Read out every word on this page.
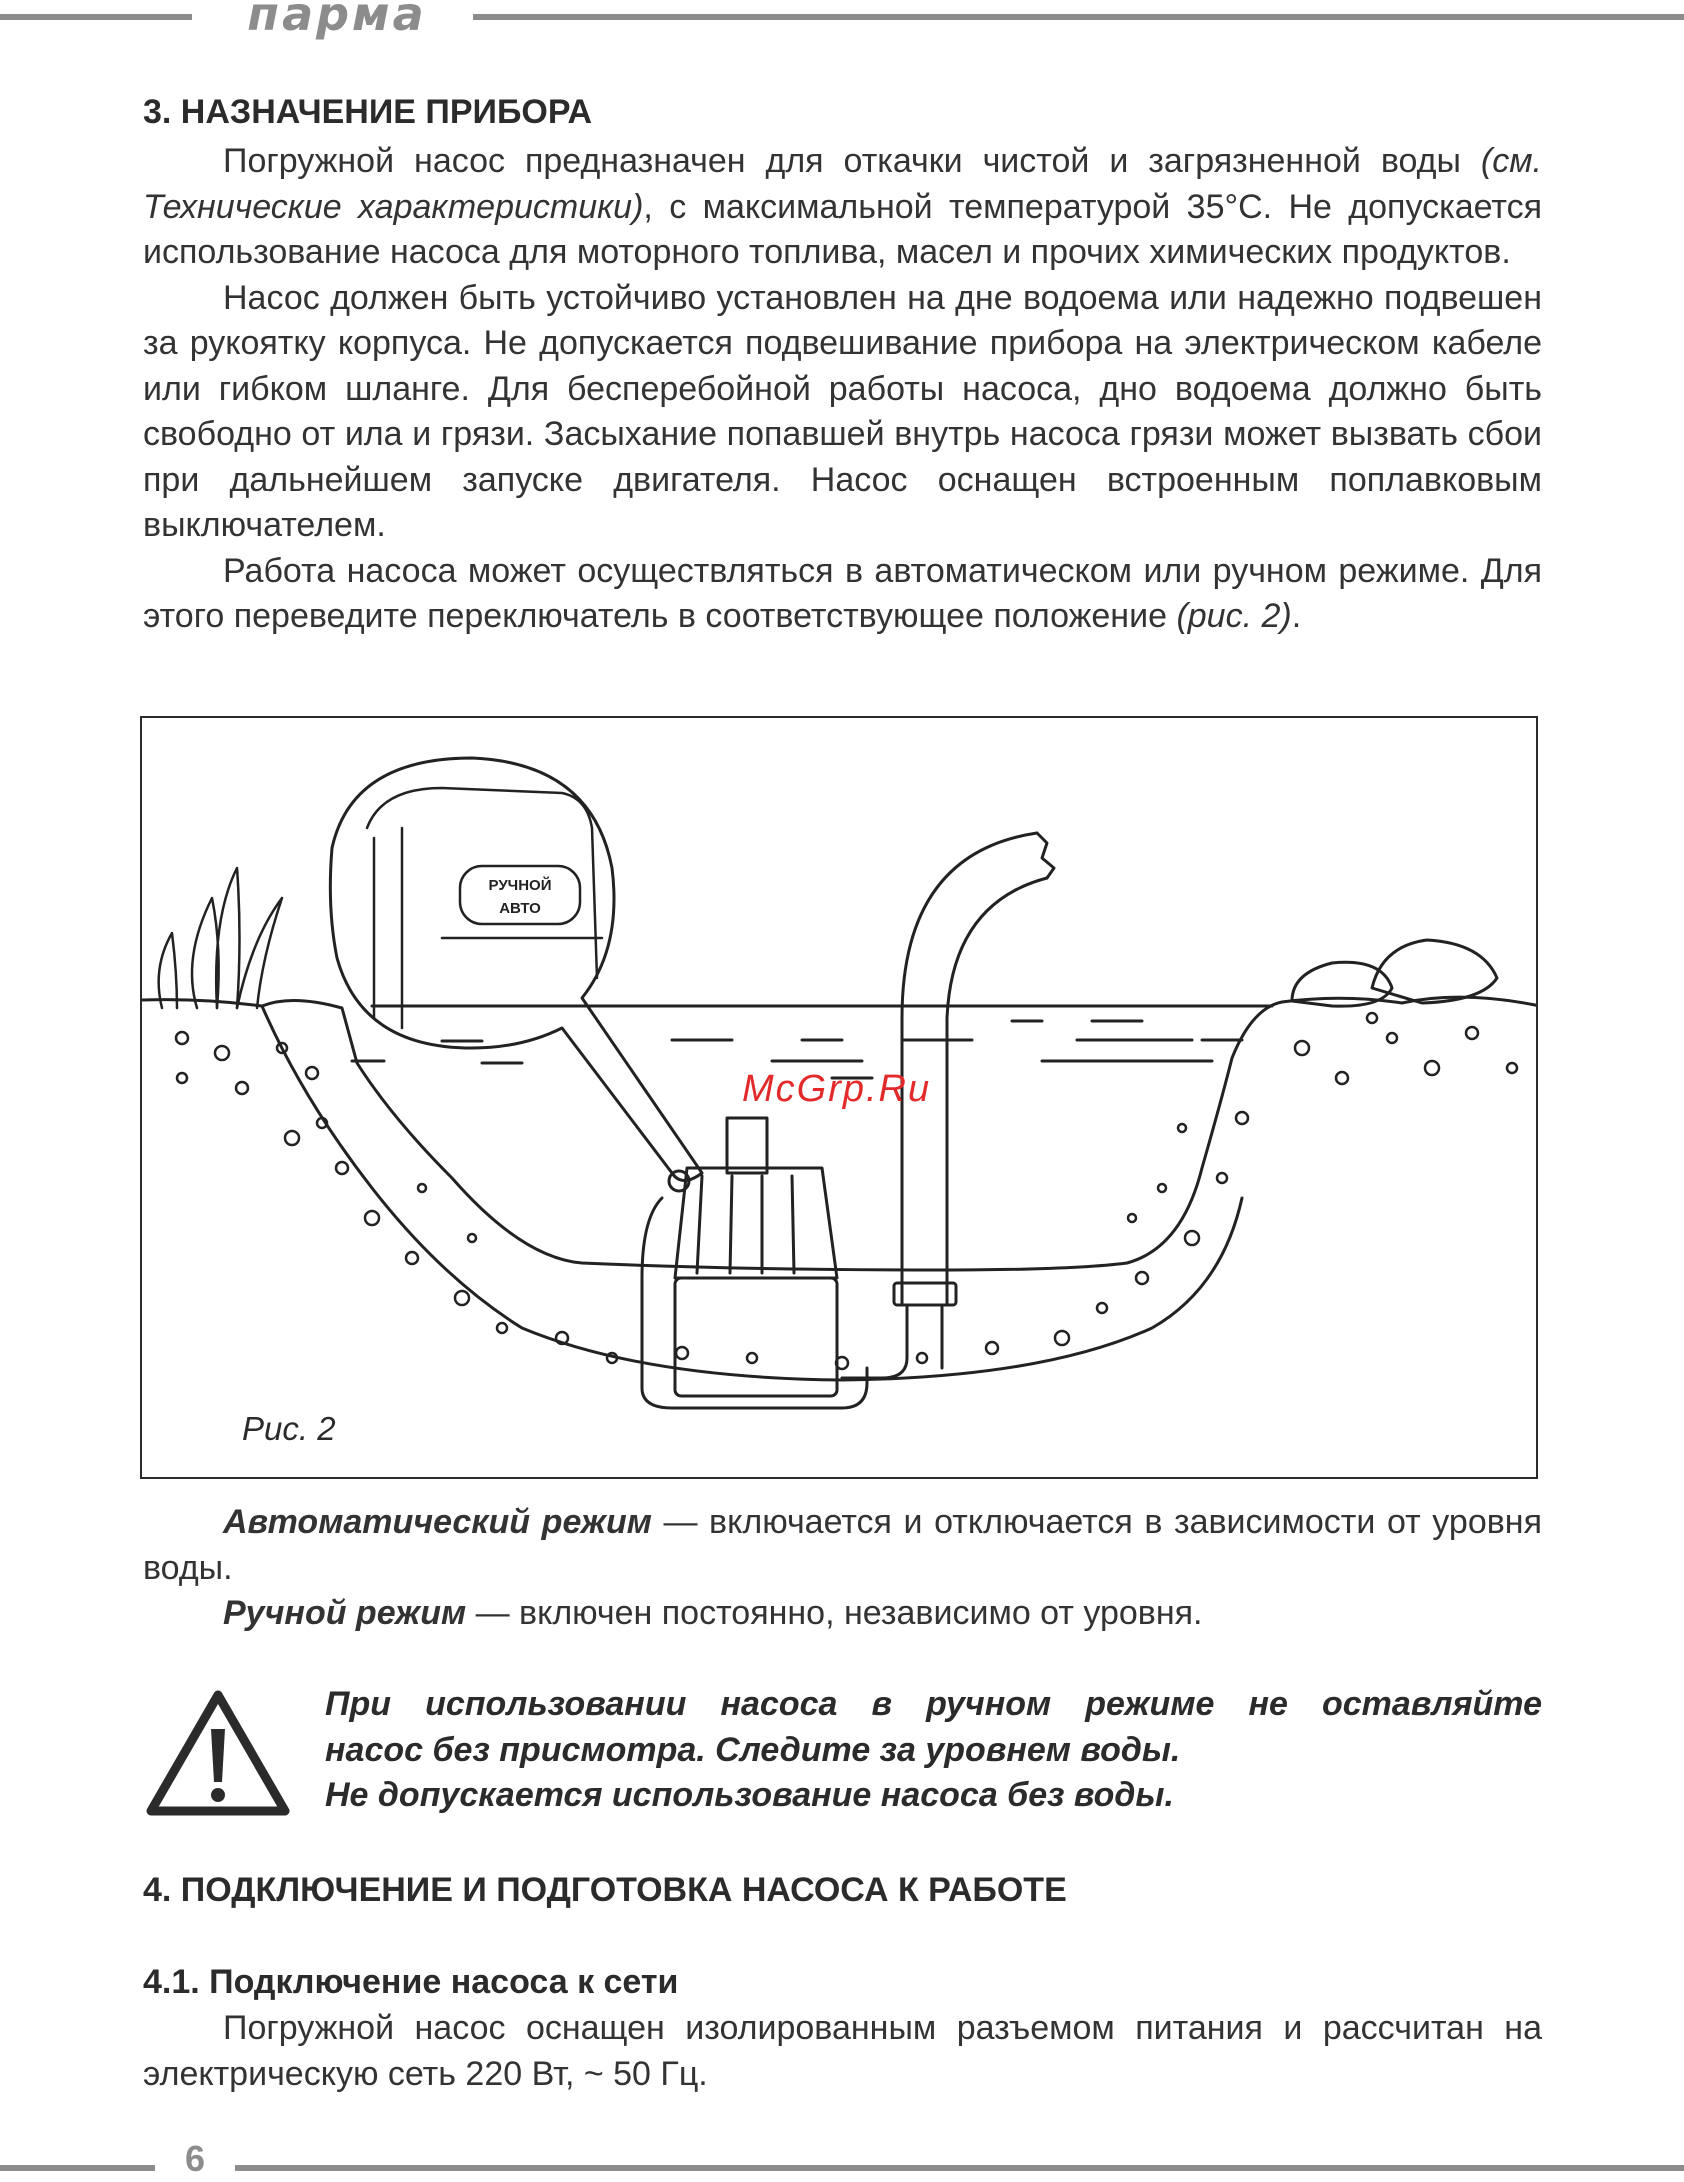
парма
3. НАЗНАЧЕНИЕ ПРИБОРА

Погружной насос предназначен для откачки чистой и загрязненной воды (см. Технические характеристики), с максимальной температурой 35°С. Не допускается использование насоса для моторного топлива, масел и прочих химических продуктов.

Насос должен быть устойчиво установлен на дне водоема или надежно подвешен за рукоятку корпуса. Не допускается подвешивание прибора на электрическом кабеле или гибком шланге. Для бесперебойной работы насоса, дно водоема должно быть свободно от ила и грязи. Засыхание попавшей внутрь насоса грязи может вызвать сбои при дальнейшем запуске двигателя. Насос оснащен встроенным поплавковым выключателем.

Работа насоса может осуществляться в автоматическом или ручном режиме. Для этого переведите переключатель в соответствующее положение (рис. 2).

РУЧНОЙ
АВТО
McGrp.Ru
Рис. 2

Автоматический режим — включается и отключается в зависимости от уровня воды.

Ручной режим — включен постоянно, независимо от уровня.

При использовании насоса в ручном режиме не оставляйте
насос без присмотра. Следите за уровнем воды.
Не допускается использование насоса без воды.
4. ПОДКЛЮЧЕНИЕ И ПОДГОТОВКА НАСОСА К РАБОТЕ
4.1. Подключение насоса к сети

Погружной насос оснащен изолированным разъемом питания и рассчитан на электрическую сеть 220 Вт, ~ 50 Гц.

6
